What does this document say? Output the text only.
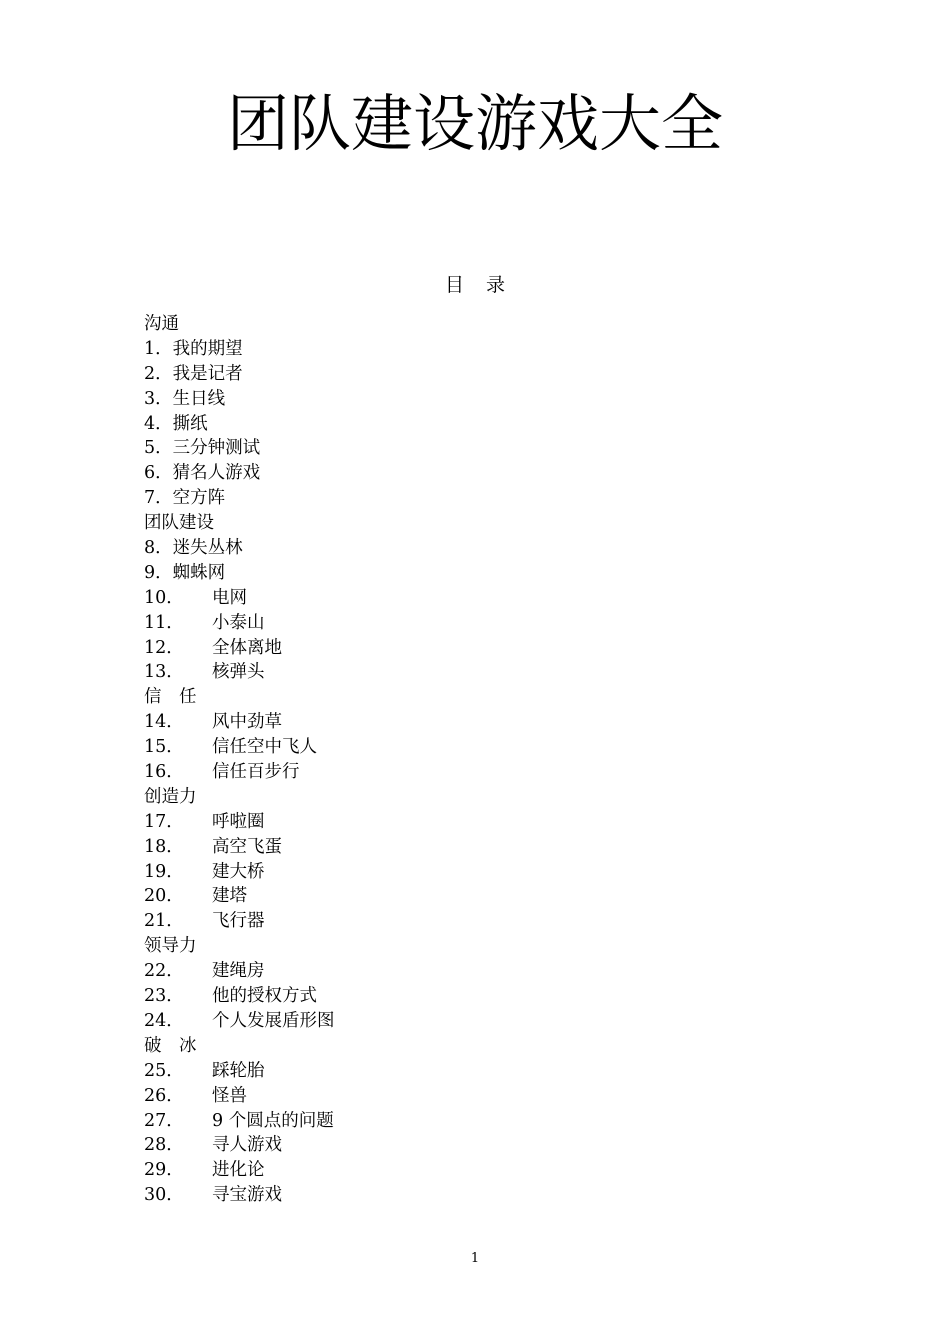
团队建设游戏大全
目 录
沟通
1．我的期望
2．我是记者
3．生日线
4．撕纸
5．三分钟测试
6．猜名人游戏
7．空方阵
团队建设
8．迷失丛林
9．蜘蛛网
10． 电网
11． 小泰山
12． 全体离地
13． 核弹头
信　任
14． 风中劲草
15． 信任空中飞人
16． 信任百步行
创造力
17． 呼啦圈
18． 高空飞蛋
19． 建大桥
20． 建塔
21． 飞行器
领导力
22． 建绳房
23． 他的授权方式
24． 个人发展盾形图
破　冰
25． 踩轮胎
26． 怪兽
27． 9 个圆点的问题
28． 寻人游戏
29． 进化论
30． 寻宝游戏
1
